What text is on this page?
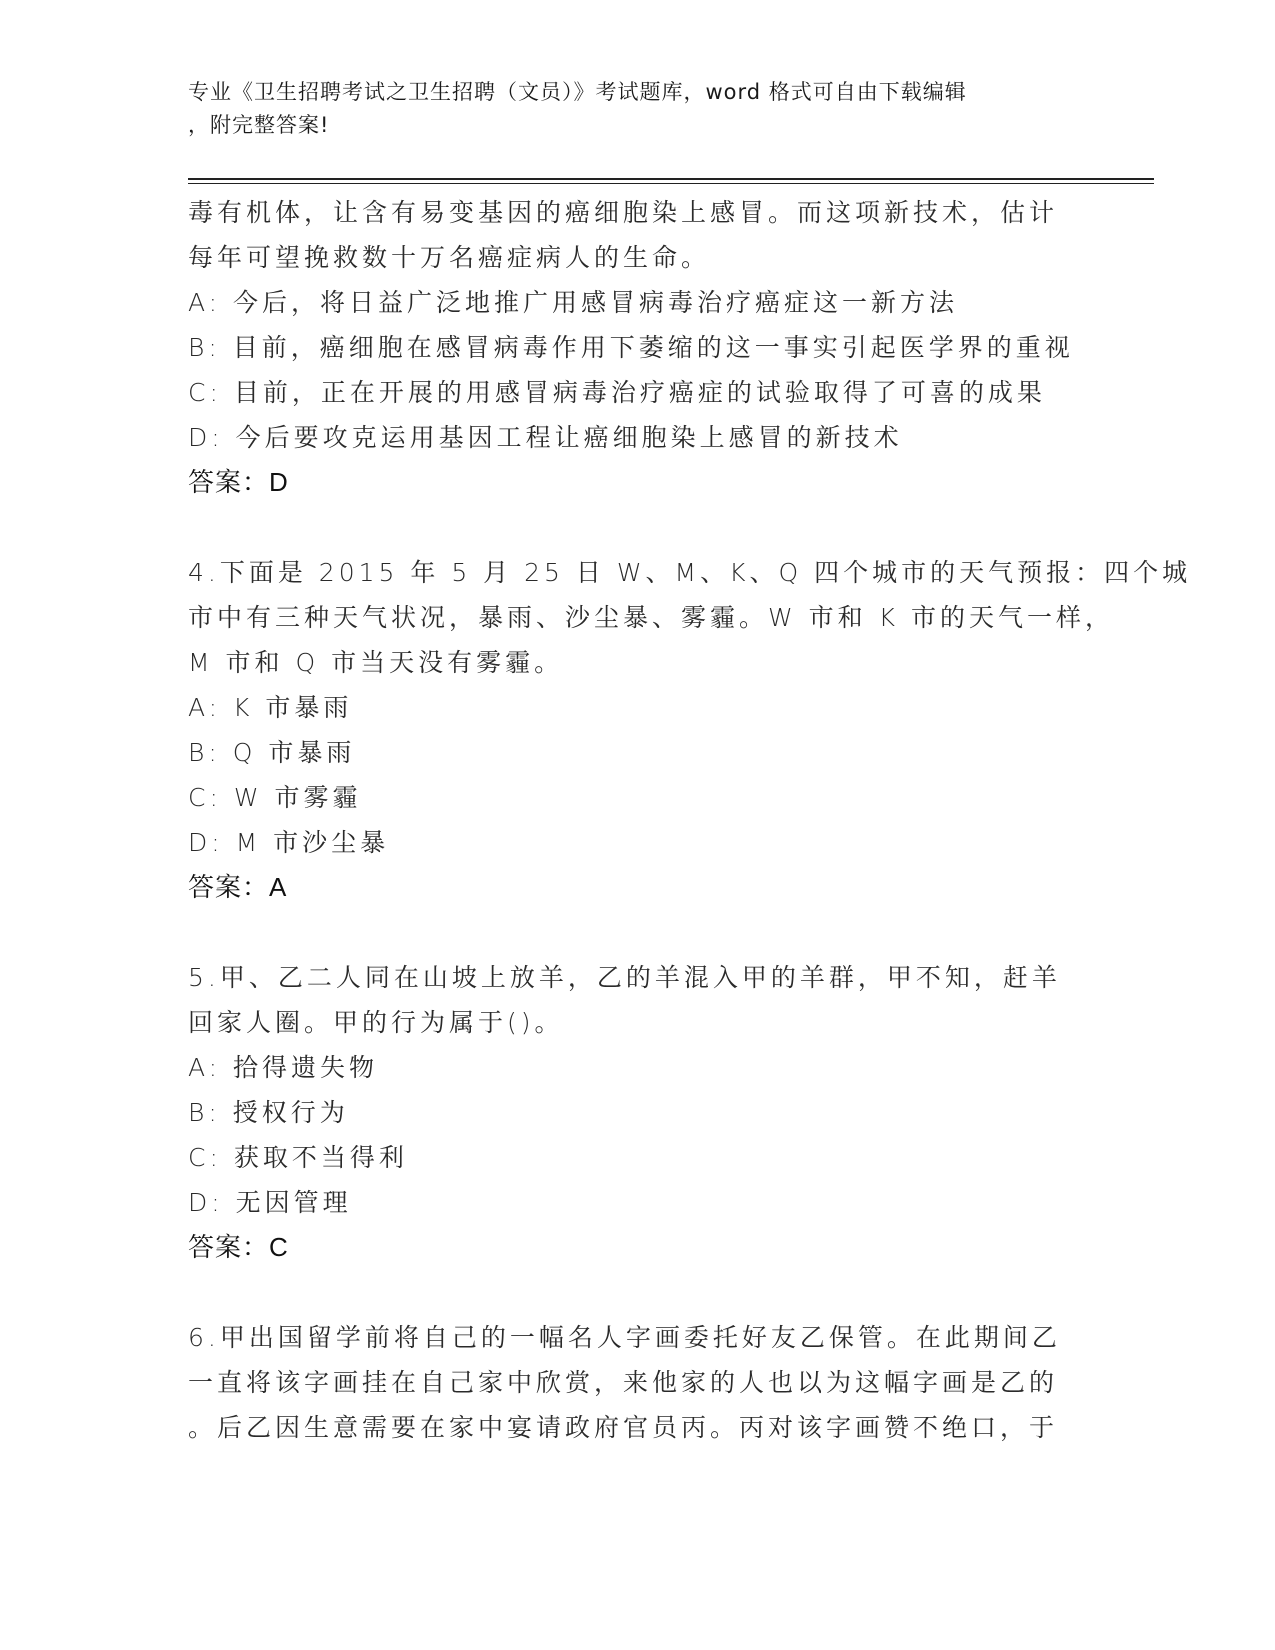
专业《卫生招聘考试之卫生招聘（文员）》考试题库，word 格式可自由下载编辑
，附完整答案!
毒有机体，让含有易变基因的癌细胞染上感冒。而这项新技术，估计
每年可望挽救数十万名癌症病人的生命。
A: 今后，将日益广泛地推广用感冒病毒治疗癌症这一新方法
B: 目前，癌细胞在感冒病毒作用下萎缩的这一事实引起医学界的重视
C: 目前，正在开展的用感冒病毒治疗癌症的试验取得了可喜的成果
D: 今后要攻克运用基因工程让癌细胞染上感冒的新技术
答案：D
4.下面是 2015 年 5 月 25 日 W、M、K、Q 四个城市的天气预报：四个城
市中有三种天气状况，暴雨、沙尘暴、雾霾。W 市和 K 市的天气一样，
M 市和 Q 市当天没有雾霾。
A: K 市暴雨
B: Q 市暴雨
C: W 市雾霾
D: M 市沙尘暴
答案：A
5.甲、乙二人同在山坡上放羊，乙的羊混入甲的羊群，甲不知，赶羊
回家人圈。甲的行为属于()。
A: 拾得遗失物
B: 授权行为
C: 获取不当得利
D: 无因管理
答案：C
6.甲出国留学前将自己的一幅名人字画委托好友乙保管。在此期间乙
一直将该字画挂在自己家中欣赏，来他家的人也以为这幅字画是乙的
。后乙因生意需要在家中宴请政府官员丙。丙对该字画赞不绝口，于
